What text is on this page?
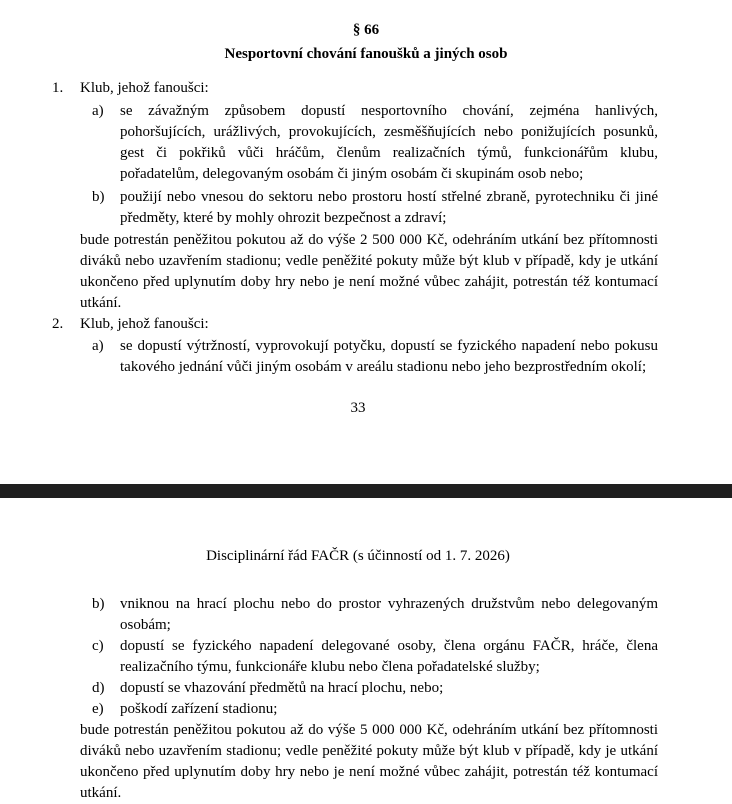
§ 66
Nesportovní chování fanoušků a jiných osob
1. Klub, jehož fanoušci:
a) se závažným způsobem dopustí nesportovního chování, zejména hanlivých, pohoršujících, urážlivých, provokujících, zesměšňujících nebo ponižujících posunků, gest či pokřiků vůči hráčům, členům realizačních týmů, funkcionářům klubu, pořadatelům, delegovaným osobám či jiným osobám či skupinám osob nebo;
b) použijí nebo vnesou do sektoru nebo prostoru hostí střelné zbraně, pyrotechniku či jiné předměty, které by mohly ohrozit bezpečnost a zdraví;
bude potrestán peněžitou pokutou až do výše 2 500 000 Kč, odehráním utkání bez přítomnosti diváků nebo uzavřením stadionu; vedle peněžité pokuty může být klub v případě, kdy je utkání ukončeno před uplynutím doby hry nebo je není možné vůbec zahájit, potrestán též kontumací utkání.
2. Klub, jehož fanoušci:
a) se dopustí výtržností, vyprovokují potyčku, dopustí se fyzického napadení nebo pokusu takového jednání vůči jiným osobám v areálu stadionu nebo jeho bezprostředním okolí;
33
Disciplinární řád FAČR (s účinností od 1. 7. 2026)
b) vniknou na hrací plochu nebo do prostor vyhrazených družstvům nebo delegovaným osobám;
c) dopustí se fyzického napadení delegované osoby, člena orgánu FAČR, hráče, člena realizačního týmu, funkcionáře klubu nebo člena pořadatelské služby;
d) dopustí se vhazování předmětů na hrací plochu, nebo;
e) poškodí zařízení stadionu;
bude potrestán peněžitou pokutou až do výše 5 000 000 Kč, odehráním utkání bez přítomnosti diváků nebo uzavřením stadionu; vedle peněžité pokuty může být klub v případě, kdy je utkání ukončeno před uplynutím doby hry nebo je není možné vůbec zahájit, potrestán též kontumací utkání.
